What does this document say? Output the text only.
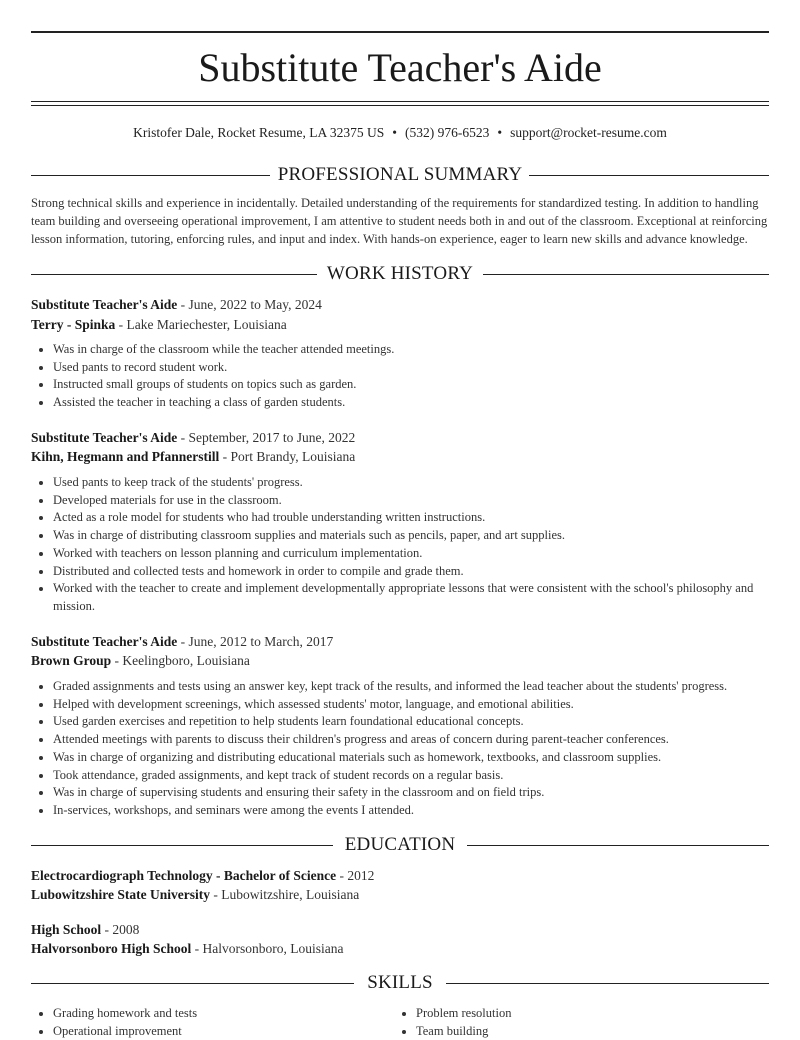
Substitute Teacher's Aide
Kristofer Dale, Rocket Resume, LA 32375 US • (532) 976-6523 • support@rocket-resume.com
PROFESSIONAL SUMMARY
Strong technical skills and experience in incidentally. Detailed understanding of the requirements for standardized testing. In addition to handling team building and overseeing operational improvement, I am attentive to student needs both in and out of the classroom. Exceptional at reinforcing lesson information, tutoring, enforcing rules, and input and index. With hands-on experience, eager to learn new skills and advance knowledge.
WORK HISTORY
Substitute Teacher's Aide - June, 2022 to May, 2024
Terry - Spinka - Lake Mariechester, Louisiana
• Was in charge of the classroom while the teacher attended meetings.
• Used pants to record student work.
• Instructed small groups of students on topics such as garden.
• Assisted the teacher in teaching a class of garden students.
Substitute Teacher's Aide - September, 2017 to June, 2022
Kihn, Hegmann and Pfannerstill - Port Brandy, Louisiana
• Used pants to keep track of the students' progress.
• Developed materials for use in the classroom.
• Acted as a role model for students who had trouble understanding written instructions.
• Was in charge of distributing classroom supplies and materials such as pencils, paper, and art supplies.
• Worked with teachers on lesson planning and curriculum implementation.
• Distributed and collected tests and homework in order to compile and grade them.
• Worked with the teacher to create and implement developmentally appropriate lessons that were consistent with the school's philosophy and mission.
Substitute Teacher's Aide - June, 2012 to March, 2017
Brown Group - Keelingboro, Louisiana
• Graded assignments and tests using an answer key, kept track of the results, and informed the lead teacher about the students' progress.
• Helped with development screenings, which assessed students' motor, language, and emotional abilities.
• Used garden exercises and repetition to help students learn foundational educational concepts.
• Attended meetings with parents to discuss their children's progress and areas of concern during parent-teacher conferences.
• Was in charge of organizing and distributing educational materials such as homework, textbooks, and classroom supplies.
• Took attendance, graded assignments, and kept track of student records on a regular basis.
• Was in charge of supervising students and ensuring their safety in the classroom and on field trips.
• In-services, workshops, and seminars were among the events I attended.
EDUCATION
Electrocardiograph Technology - Bachelor of Science - 2012
Lubowitzshire State University - Lubowitzshire, Louisiana
High School - 2008
Halvorsonboro High School - Halvorsonboro, Louisiana
SKILLS
• Grading homework and tests
• Operational improvement
• Problem resolution
• Team building
